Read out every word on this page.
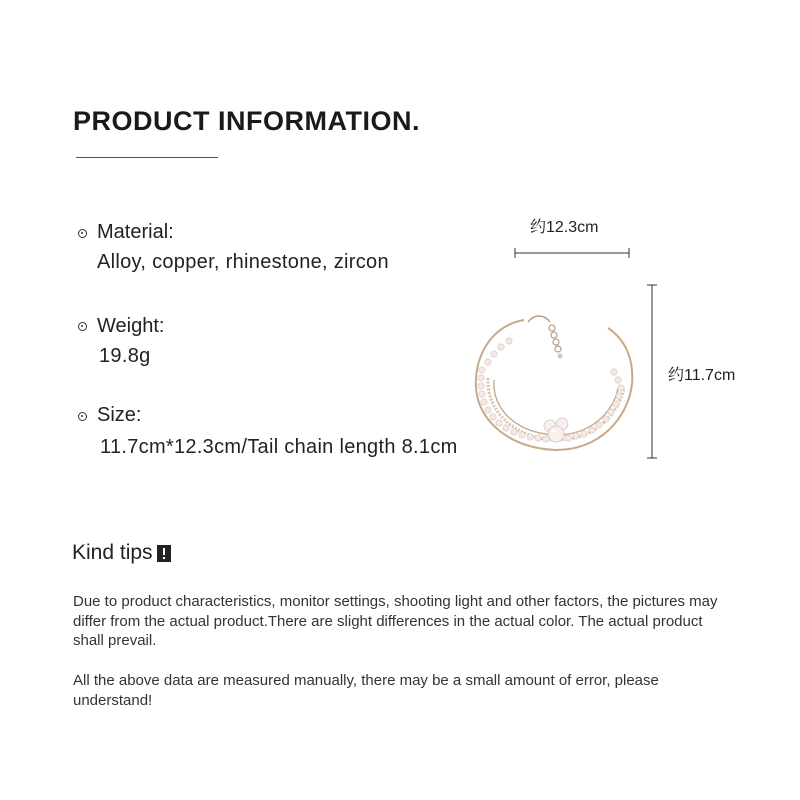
PRODUCT INFORMATION.
Material:
Alloy, copper, rhinestone, zircon
Weight:
19.8g
Size:
11.7cm*12.3cm/Tail chain length 8.1cm
约12.3cm
约11.7cm
Kind tips
Due to product characteristics, monitor settings, shooting light and other factors, the pictures may differ from the actual product.There are slight differences in the actual color. The actual product shall prevail.
All the above data are measured manually, there may be a small amount of error, please understand!
